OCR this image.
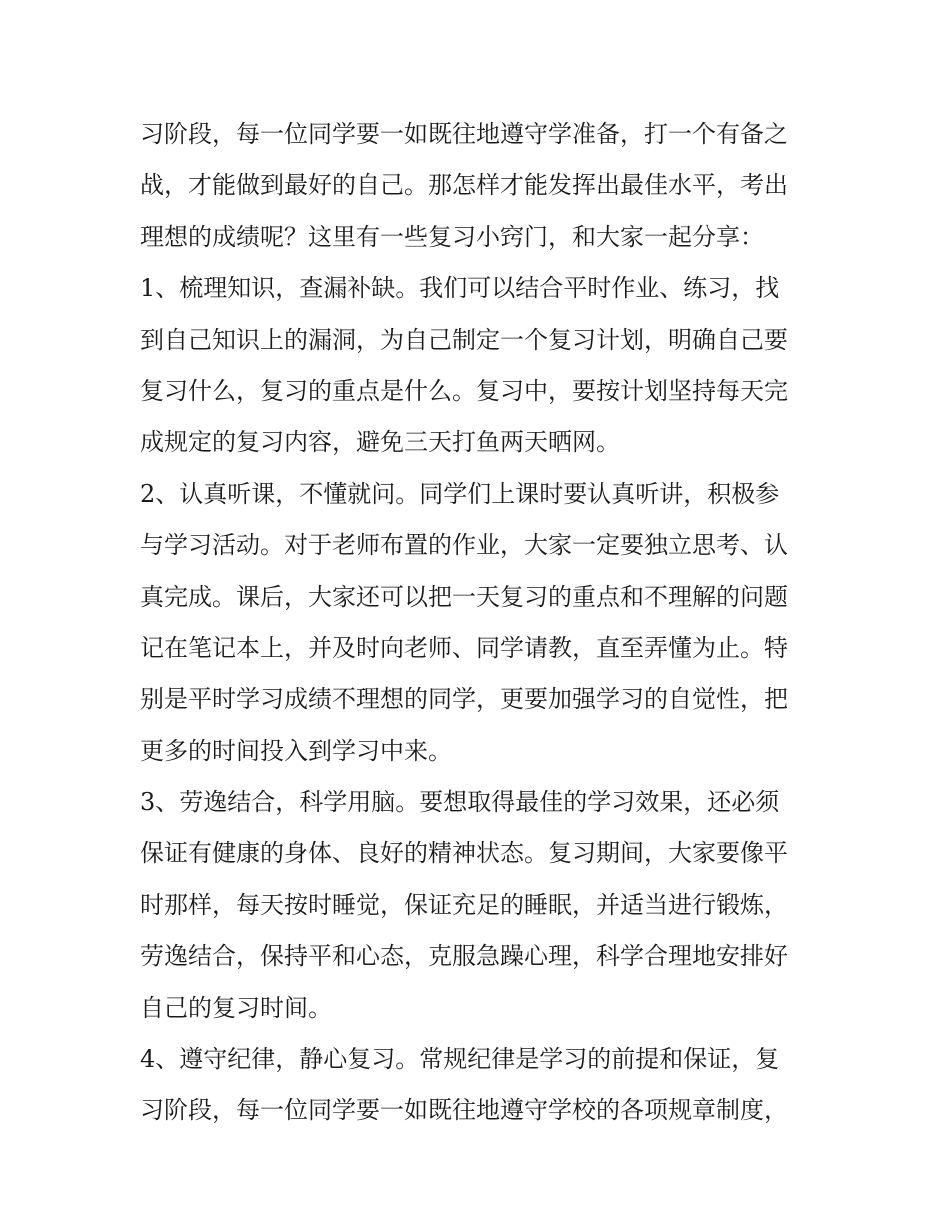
习阶段，每一位同学要一如既往地遵守学准备，打一个有备之
战，才能做到最好的自己。那怎样才能发挥出最佳水平，考出
理想的成绩呢？这里有一些复习小窍门，和大家一起分享：
1、梳理知识，查漏补缺。我们可以结合平时作业、练习，找
到自己知识上的漏洞，为自己制定一个复习计划，明确自己要
复习什么，复习的重点是什么。复习中，要按计划坚持每天完
成规定的复习内容，避免三天打鱼两天晒网。
2、认真听课，不懂就问。同学们上课时要认真听讲，积极参
与学习活动。对于老师布置的作业，大家一定要独立思考、认
真完成。课后，大家还可以把一天复习的重点和不理解的问题
记在笔记本上，并及时向老师、同学请教，直至弄懂为止。特
别是平时学习成绩不理想的同学，更要加强学习的自觉性，把
更多的时间投入到学习中来。
3、劳逸结合，科学用脑。要想取得最佳的学习效果，还必须
保证有健康的身体、良好的精神状态。复习期间，大家要像平
时那样，每天按时睡觉，保证充足的睡眠，并适当进行锻炼，
劳逸结合，保持平和心态，克服急躁心理，科学合理地安排好
自己的复习时间。
4、遵守纪律，静心复习。常规纪律是学习的前提和保证，复
习阶段，每一位同学要一如既往地遵守学校的各项规章制度，
